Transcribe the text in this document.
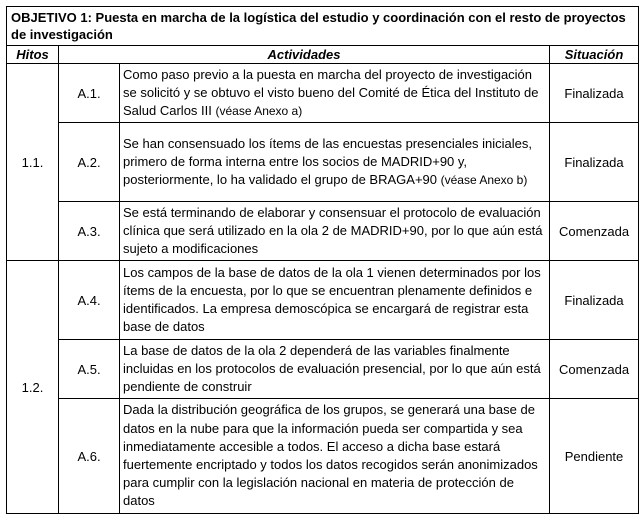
OBJETIVO 1: Puesta en marcha de la logística del estudio y coordinación con el resto de proyectos de investigación			
Hitos	Actividades		Situación
1.1.	A.1.	Como paso previo a la puesta en marcha del proyecto de investigación se solicitó y se obtuvo el visto bueno del Comité de Ética del Instituto de Salud Carlos III (véase Anexo a)	Finalizada
	A.2.	Se han consensuado los ítems de las encuestas presenciales iniciales, primero de forma interna entre los socios de MADRID+90 y, posteriormente, lo ha validado el grupo de BRAGA+90 (véase Anexo b)	Finalizada
	A.3.	Se está terminando de elaborar y consensuar el protocolo de evaluación clínica que será utilizado en la ola 2 de MADRID+90, por lo que aún está sujeto a modificaciones	Comenzada
1.2.	A.4.	Los campos de la base de datos de la ola 1 vienen determinados por los ítems de la encuesta, por lo que se encuentran plenamente definidos e identificados. La empresa demoscópica se encargará de registrar esta base de datos	Finalizada
	A.5.	La base de datos de la ola 2 dependerá de las variables finalmente incluidas en los protocolos de evaluación presencial, por lo que aún está pendiente de construir	Comenzada
	A.6.	Dada la distribución geográfica de los grupos, se generará una base de datos en la nube para que la información pueda ser compartida y sea inmediatamente accesible a todos. El acceso a dicha base estará fuertemente encriptado y todos los datos recogidos serán anonimizados para cumplir con la legislación nacional en materia de protección de datos	Pendiente
